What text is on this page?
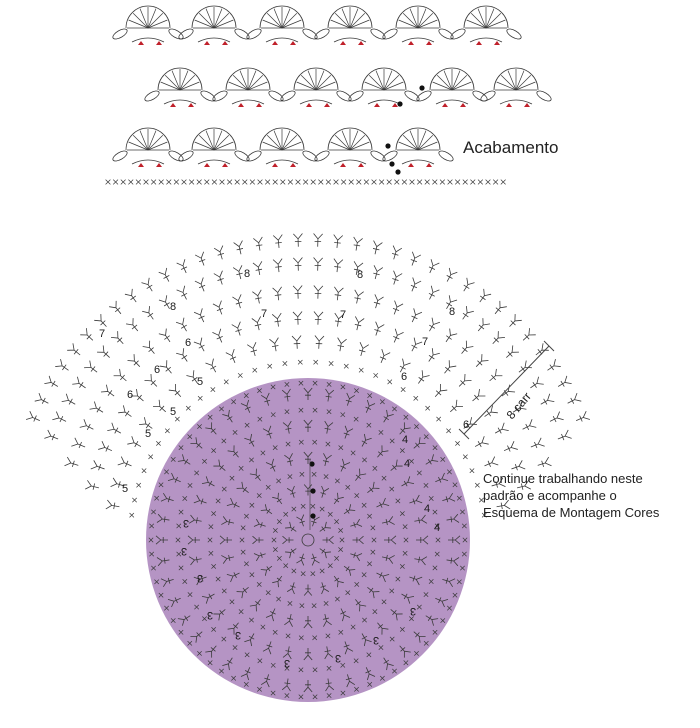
3
3
3
3
3
3	3
3
3
4
4
4
4
5
5
5
5
6
6
6
6
6
7	7
7
7
8
8	8
8
8 carr
Acabamento
Continue trabalhando neste
padrão e acompanhe o
Esquema de Montagem Cores
